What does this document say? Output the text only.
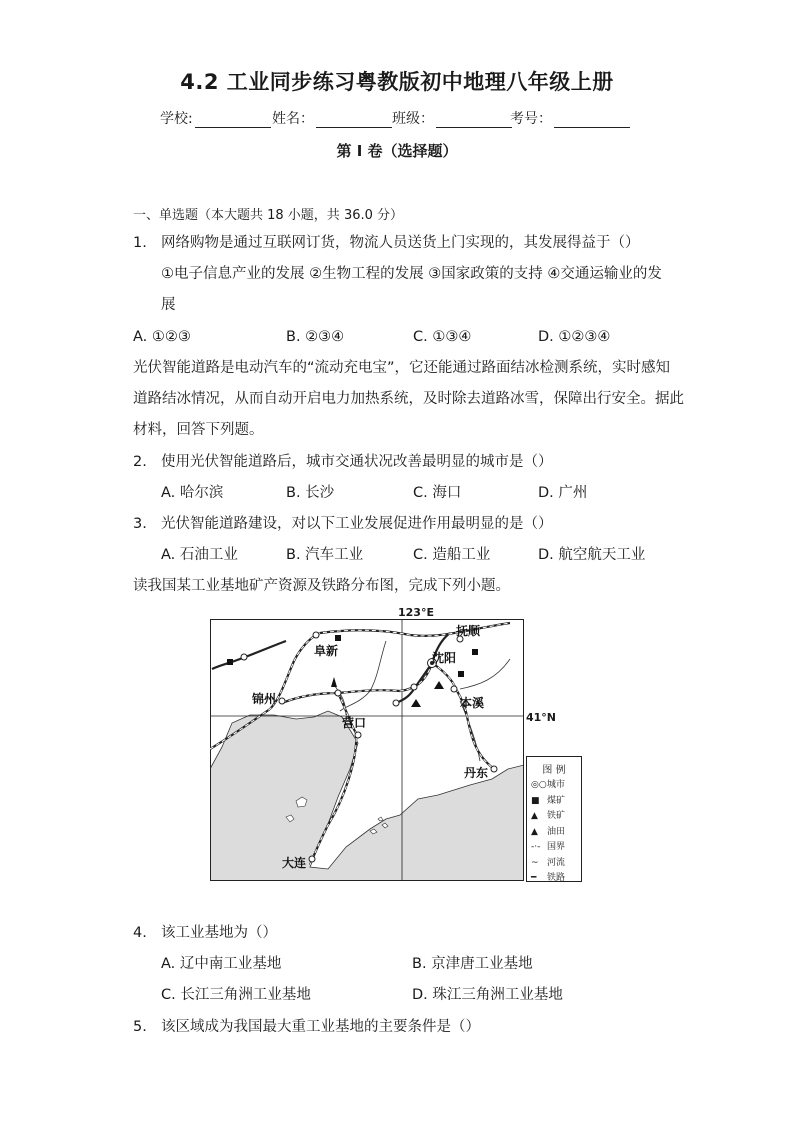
4.2 工业同步练习粤教版初中地理八年级上册
学校:	姓名：	班级：	考号：
第 I 卷（选择题）
一、单选题（本大题共 18 小题，共 36.0 分）
1. 网络购物是通过互联网订货，物流人员送货上门实现的，其发展得益于（）
①电子信息产业的发展 ②生物工程的发展 ③国家政策的支持 ④交通运输业的发
展
A. ①②③	B. ②③④	C. ①③④	D. ①②③④
光伏智能道路是电动汽车的“流动充电宝”，它还能通过路面结冰检测系统，实时感知
道路结冰情况，从而自动开启电力加热系统，及时除去道路冰雪，保障出行安全。据此
材料，回答下列题。
2. 使用光伏智能道路后，城市交通状况改善最明显的城市是（）
A. 哈尔滨	B. 长沙	C. 海口	D. 广州
3. 光伏智能道路建设，对以下工业发展促进作用最明显的是（）
A. 石油工业	B. 汽车工业	C. 造船工业	D. 航空航天工业
读我国某工业基地矿产资源及铁路分布图，完成下列小题。
抚顺
阜新	沈阳
锦州	本溪
营口
丹东
大连
123°E
41°N
图 例
◎○城市
■ 煤矿
▲ 铁矿
▲ 油田
-·- 国界
~ 河流
━ 铁路
4. 该工业基地为（）
A. 辽中南工业基地	B. 京津唐工业基地
C. 长江三角洲工业基地	D. 珠江三角洲工业基地
5. 该区域成为我国最大重工业基地的主要条件是（）
